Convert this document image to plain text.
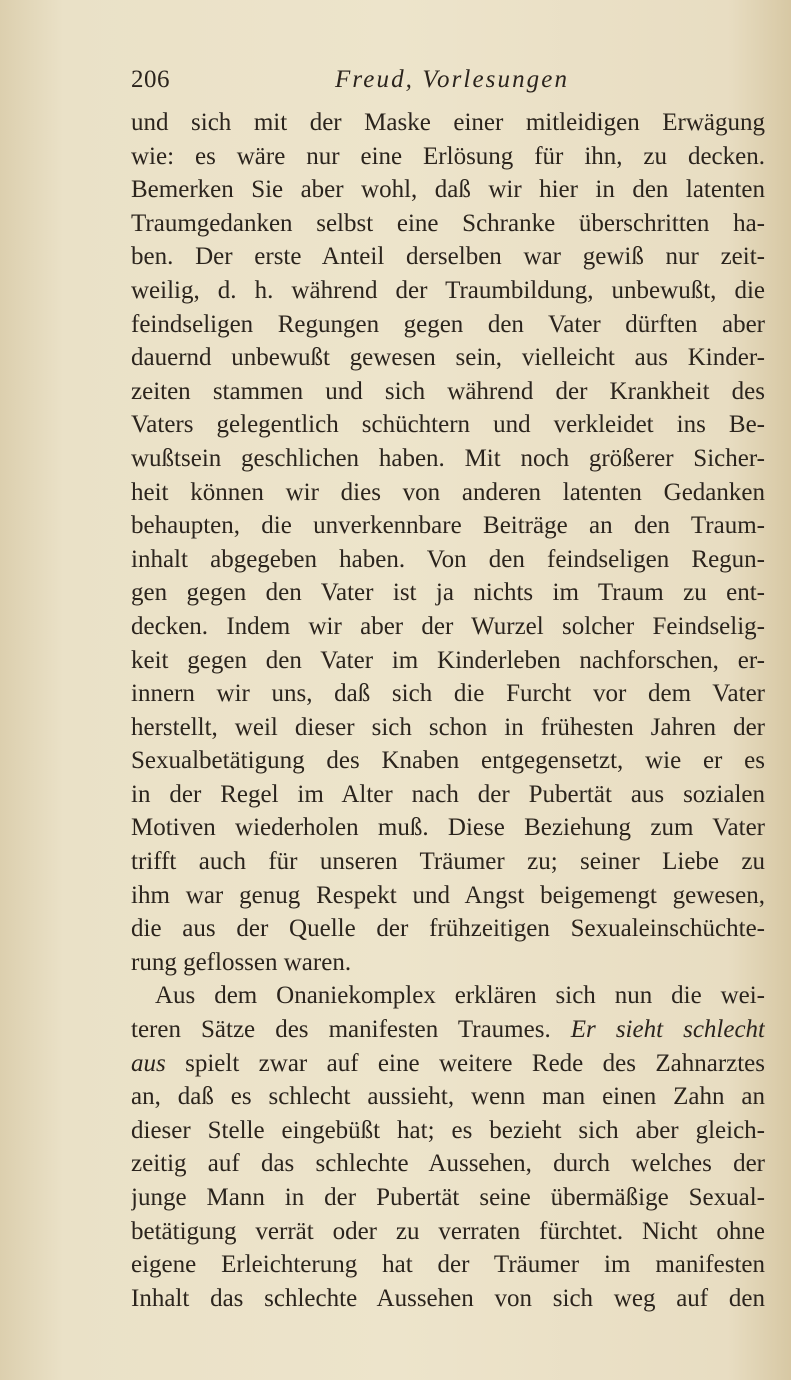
206	Freud, Vorlesungen
und sich mit der Maske einer mitleidigen Erwägung
wie: es wäre nur eine Erlösung für ihn, zu decken.
Bemerken Sie aber wohl, daß wir hier in den latenten
Traumgedanken selbst eine Schranke überschritten ha-
ben. Der erste Anteil derselben war gewiß nur zeit-
weilig, d. h. während der Traumbildung, unbewußt, die
feindseligen Regungen gegen den Vater dürften aber
dauernd unbewußt gewesen sein, vielleicht aus Kinder-
zeiten stammen und sich während der Krankheit des
Vaters gelegentlich schüchtern und verkleidet ins Be-
wußtsein geschlichen haben. Mit noch größerer Sicher-
heit können wir dies von anderen latenten Gedanken
behaupten, die unverkennbare Beiträge an den Traum-
inhalt abgegeben haben. Von den feindseligen Regun-
gen gegen den Vater ist ja nichts im Traum zu ent-
decken. Indem wir aber der Wurzel solcher Feindselig-
keit gegen den Vater im Kinderleben nachforschen, er-
innern wir uns, daß sich die Furcht vor dem Vater
herstellt, weil dieser sich schon in frühesten Jahren der
Sexualbetätigung des Knaben entgegensetzt, wie er es
in der Regel im Alter nach der Pubertät aus sozialen
Motiven wiederholen muß. Diese Beziehung zum Vater
trifft auch für unseren Träumer zu; seiner Liebe zu
ihm war genug Respekt und Angst beigemengt gewesen,
die aus der Quelle der frühzeitigen Sexualeinschüchte-
rung geflossen waren.
Aus dem Onaniekomplex erklären sich nun die wei-
teren Sätze des manifesten Traumes. Er sieht schlecht
aus spielt zwar auf eine weitere Rede des Zahnarztes
an, daß es schlecht aussieht, wenn man einen Zahn an
dieser Stelle eingebüßt hat; es bezieht sich aber gleich-
zeitig auf das schlechte Aussehen, durch welches der
junge Mann in der Pubertät seine übermäßige Sexual-
betätigung verrät oder zu verraten fürchtet. Nicht ohne
eigene Erleichterung hat der Träumer im manifesten
Inhalt das schlechte Aussehen von sich weg auf den
